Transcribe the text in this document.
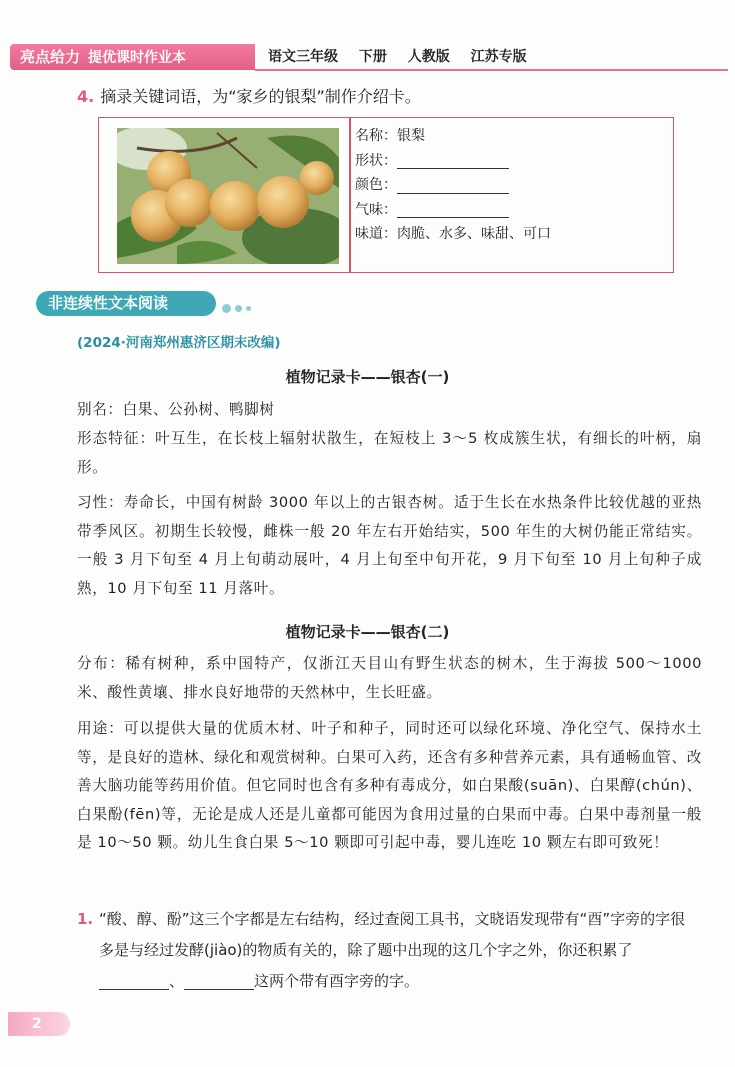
亮点给力 提优课时作业本	语文三年级 下册 人教版 江苏专版
4. 摘录关键词语，为“家乡的银梨”制作介绍卡。
名称：银梨
形状：
颜色：
气味：
味道：肉脆、水多、味甜、可口
非连续性文本阅读
(2024·河南郑州惠济区期末改编)
植物记录卡——银杏(一)
别名：白果、公孙树、鸭脚树
形态特征：叶互生，在长枝上辐射状散生，在短枝上 3～5 枚成簇生状，有细长的叶柄，扇形。
习性：寿命长，中国有树龄 3000 年以上的古银杏树。适于生长在水热条件比较优越的亚热带季风区。初期生长较慢，雌株一般 20 年左右开始结实，500 年生的大树仍能正常结实。一般 3 月下旬至 4 月上旬萌动展叶，4 月上旬至中旬开花，9 月下旬至 10 月上旬种子成熟，10 月下旬至 11 月落叶。
植物记录卡——银杏(二)
分布：稀有树种，系中国特产，仅浙江天目山有野生状态的树木，生于海拔 500～1000 米、酸性黄壤、排水良好地带的天然林中，生长旺盛。
用途：可以提供大量的优质木材、叶子和种子，同时还可以绿化环境、净化空气、保持水土等，是良好的造林、绿化和观赏树种。白果可入药，还含有多种营养元素，具有通畅血管、改善大脑功能等药用价值。但它同时也含有多种有毒成分，如白果酸(suān)、白果醇(chún)、白果酚(fēn)等，无论是成人还是儿童都可能因为食用过量的白果而中毒。白果中毒剂量一般是 10～50 颗。幼儿生食白果 5～10 颗即可引起中毒，婴儿连吃 10 颗左右即可致死！
1. “酸、醇、酚”这三个字都是左右结构，经过查阅工具书，文晓语发现带有“酉”字旁的字很多是与经过发酵(jiào)的物质有关的，除了题中出现的这几个字之外，你还积累了、	这两个带有酉字旁的字。
2
